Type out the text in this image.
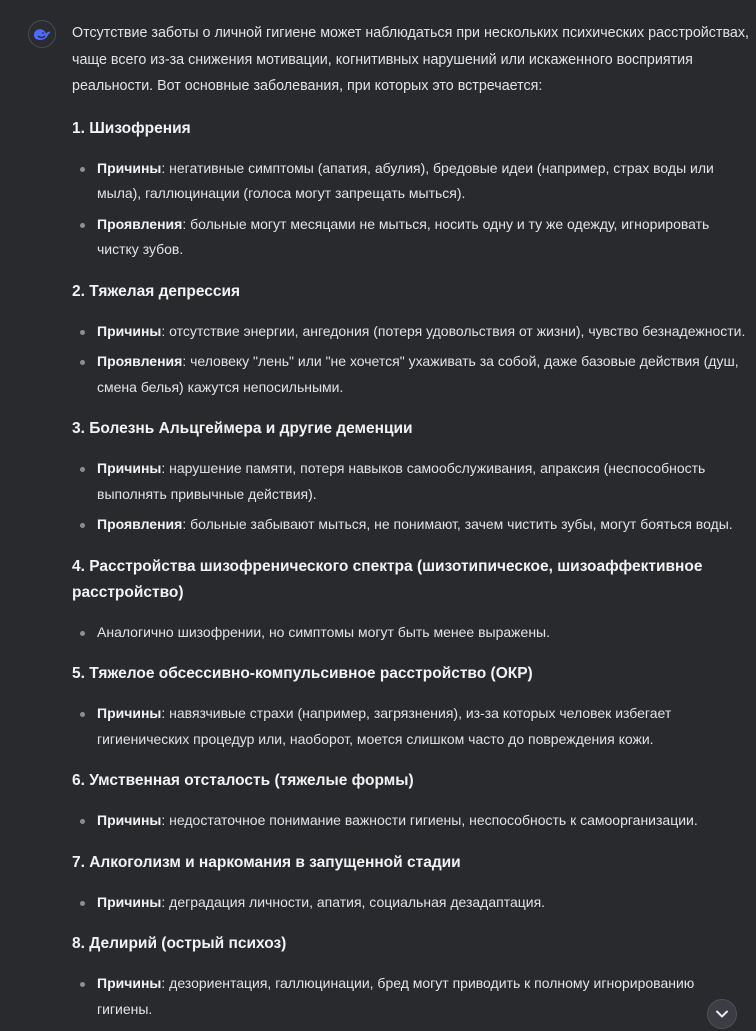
Отсутствие заботы о личной гигиене может наблюдаться при нескольких психических расстройствах, чаще всего из-за снижения мотивации, когнитивных нарушений или искаженного восприятия реальности. Вот основные заболевания, при которых это встречается:

1. Шизофрения
Причины: негативные симптомы (апатия, абулия), бредовые идеи (например, страх воды или мыла), галлюцинации (голоса могут запрещать мыться).
Проявления: больные могут месяцами не мыться, носить одну и ту же одежду, игнорировать чистку зубов.
2. Тяжелая депрессия
Причины: отсутствие энергии, ангедония (потеря удовольствия от жизни), чувство безнадежности.
Проявления: человеку "лень" или "не хочется" ухаживать за собой, даже базовые действия (душ, смена белья) кажутся непосильными.
3. Болезнь Альцгеймера и другие деменции
Причины: нарушение памяти, потеря навыков самообслуживания, апраксия (неспособность выполнять привычные действия).
Проявления: больные забывают мыться, не понимают, зачем чистить зубы, могут бояться воды.
4. Расстройства шизофренического спектра (шизотипическое, шизоаффективное расстройство)
Аналогично шизофрении, но симптомы могут быть менее выражены.
5. Тяжелое обсессивно-компульсивное расстройство (ОКР)
Причины: навязчивые страхи (например, загрязнения), из-за которых человек избегает гигиенических процедур или, наоборот, моется слишком часто до повреждения кожи.
6. Умственная отсталость (тяжелые формы)
Причины: недостаточное понимание важности гигиены, неспособность к самоорганизации.
7. Алкоголизм и наркомания в запущенной стадии
Причины: деградация личности, апатия, социальная дезадаптация.
8. Делирий (острый психоз)
Причины: дезориентация, галлюцинации, бред могут приводить к полному игнорированию гигиены.
